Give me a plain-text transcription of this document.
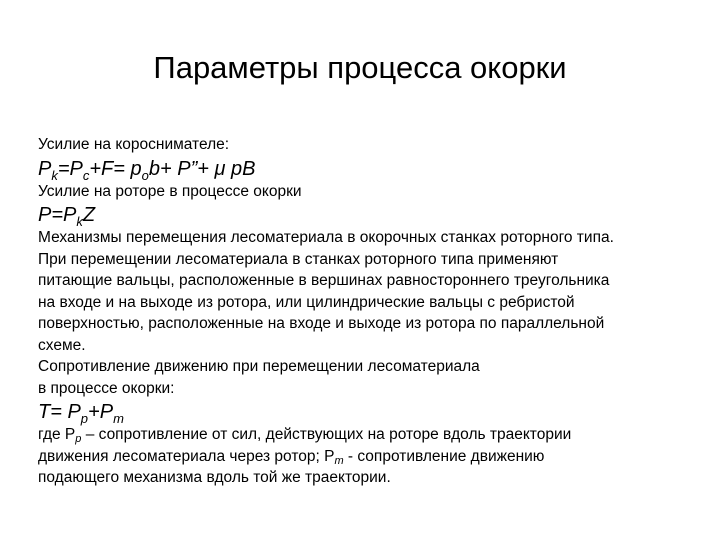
Параметры процесса окорки

Усилие на короснимателе:

$P_k=P_c+F= p_ob+$ P”+ μ pB

Усилие на роторе в процессе окорки

$P=P_kZ$

Механизмы перемещения лесоматериала в окорочных станках роторного типа.

При перемещении лесоматериала в станках роторного типа применяют

питающие вальцы, расположенные в вершинах равностороннего треугольника

на входе и на выходе из ротора, или цилиндрические вальцы с ребристой

поверхностью, расположенные на входе и выходе из ротора по параллельной

схеме.

Сопротивление движению при перемещении лесоматериала

в процессе окорки:

$T= P_p+P_m$

где Pp – сопротивление от сил, действующих на роторе вдоль траектории

движения лесоматериала через ротор; Pm - сопротивление движению

подающего механизма вдоль той же траектории.
